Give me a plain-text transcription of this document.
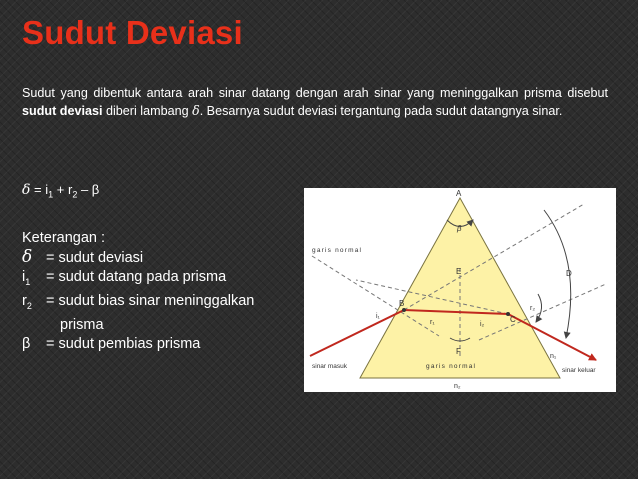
Sudut Deviasi
Sudut yang dibentuk antara arah sinar datang dengan arah sinar yang meninggalkan prisma disebut sudut deviasi diberi lambang δ. Besarnya sudut deviasi tergantung pada sudut datangnya sinar.
$\delta = i_1 + r_2 - \beta$
Keterangan :
δ = sudut deviasi
$i_1$ = sudut datang pada prisma
$r_2$ = sudut bias sinar meninggalkan
prisma
β = sudut pembias prisma
A
β
E
B
C
D
F
i₁
r₁	i₂
r₂
garis normal
garis normal
sinar masuk
sinar keluar
n₁
n₂
